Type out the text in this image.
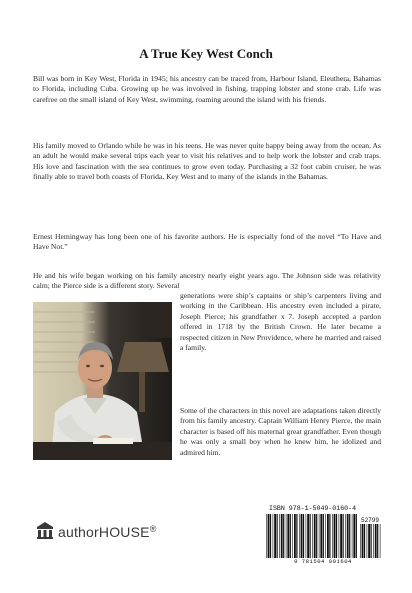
A True Key West Conch

Bill was born in Key West, Florida in 1945; his ancestry can be traced from, Harbour Island, Eleuthera, Bahamas to Florida, including Cuba. Growing up he was involved in fishing, trapping lobster and stone crab. Life was carefree on the small island of Key West, swimming, roaming around the island with his friends.

His family moved to Orlando while he was in his teens. He was never quite happy being away from the ocean. As an adult he would make several trips each year to visit his relatives and to help work the lobster and crab traps. His love and fascination with the sea continues to grow even today. Purchasing a 32 foot cabin cruiser, he was finally able to travel both coasts of Florida, Key West and to many of the islands in the Bahamas.

Ernest Hemingway has long been one of his favorite authors. He is especially fond of the novel “To Have and Have Not.”

He and his wife began working on his family ancestry nearly eight years ago. The Johnson side was relativity calm; the Pierce side is a different story. Several

generations were ship’s captains or ship’s carpenters living and working in the Caribbean. His ancestry even included a pirate, Joseph Pierce; his grandfather x 7. Joseph accepted a pardon offered in 1718 by the British Crown. He later became a respected citizen in New Providence, where he married and raised a family.

Some of the characters in this novel are adaptations taken directly from his family ancestry. Captain William Henry Pierce, the main character is based off his maternal great grandfather. Even though he was only a small boy when he knew him, he idolized and admired him.

authorHOUSE®
ISBN 978-1-5049-0160-4
52799
9 781504 901604
